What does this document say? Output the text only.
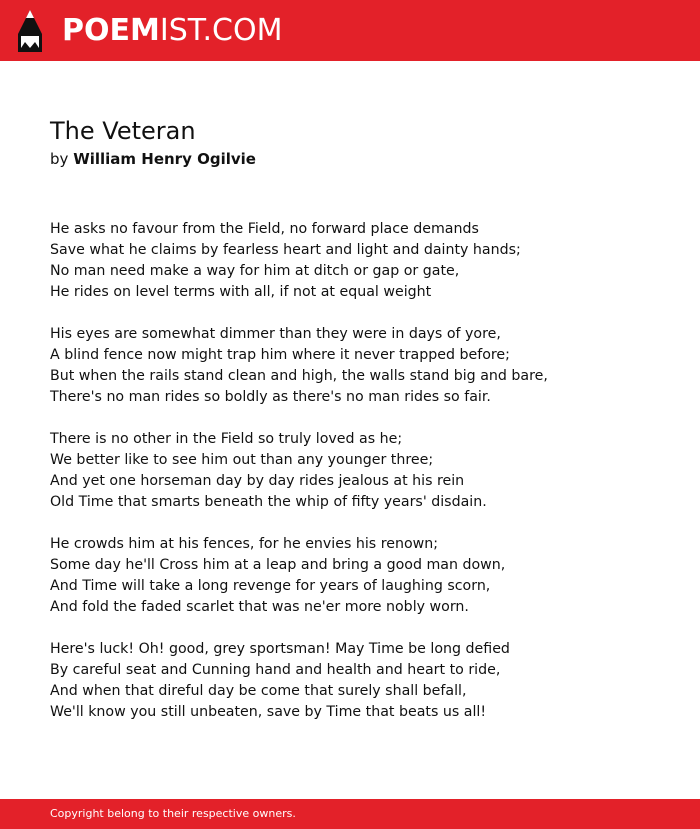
POEMIST.COM
The Veteran
by William Henry Ogilvie
He asks no favour from the Field, no forward place demands
Save what he claims by fearless heart and light and dainty hands;
No man need make a way for him at ditch or gap or gate,
He rides on level terms with all, if not at equal weight
His eyes are somewhat dimmer than they were in days of yore,
A blind fence now might trap him where it never trapped before;
But when the rails stand clean and high, the walls stand big and bare,
There's no man rides so boldly as there's no man rides so fair.
There is no other in the Field so truly loved as he;
We better like to see him out than any younger three;
And yet one horseman day by day rides jealous at his rein
Old Time that smarts beneath the whip of fifty years' disdain.
He crowds him at his fences, for he envies his renown;
Some day he'll Cross him at a leap and bring a good man down,
And Time will take a long revenge for years of laughing scorn,
And fold the faded scarlet that was ne'er more nobly worn.
Here's luck! Oh! good, grey sportsman! May Time be long defied
By careful seat and Cunning hand and health and heart to ride,
And when that direful day be come that surely shall befall,
We'll know you still unbeaten, save by Time that beats us all!
Copyright belong to their respective owners.
